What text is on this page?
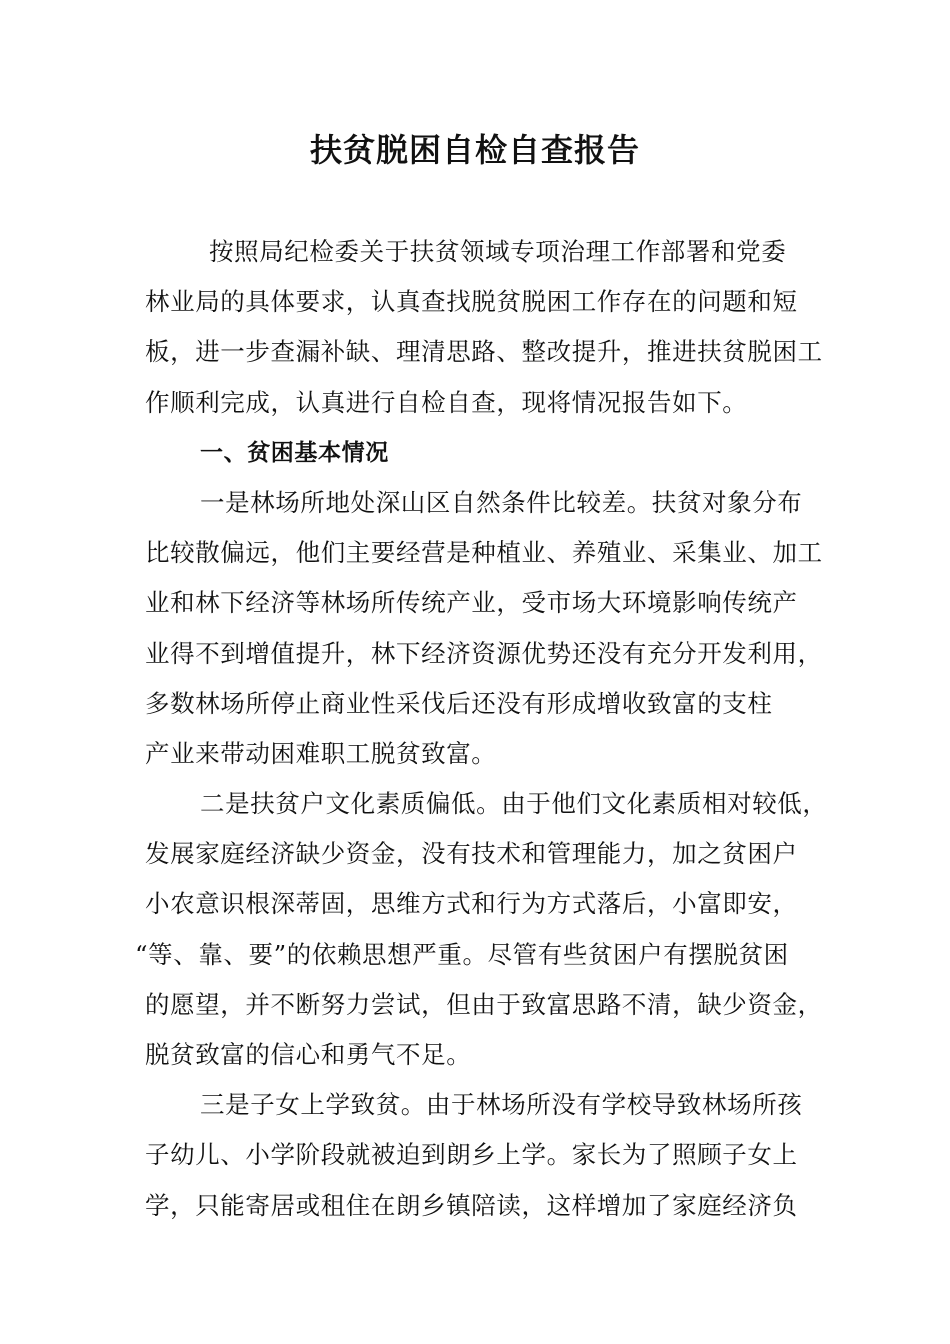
扶贫脱困自检自查报告
按照局纪检委关于扶贫领域专项治理工作部署和党委
林业局的具体要求，认真查找脱贫脱困工作存在的问题和短
板，进一步查漏补缺、理清思路、整改提升，推进扶贫脱困工
作顺利完成，认真进行自检自查，现将情况报告如下。
一、贫困基本情况
一是林场所地处深山区自然条件比较差。扶贫对象分布
比较散偏远，他们主要经营是种植业、养殖业、采集业、加工
业和林下经济等林场所传统产业，受市场大环境影响传统产
业得不到增值提升，林下经济资源优势还没有充分开发利用，
多数林场所停止商业性采伐后还没有形成增收致富的支柱
产业来带动困难职工脱贫致富。
二是扶贫户文化素质偏低。由于他们文化素质相对较低，
发展家庭经济缺少资金，没有技术和管理能力，加之贫困户
小农意识根深蒂固，思维方式和行为方式落后，小富即安，
“等、靠、要”的依赖思想严重。尽管有些贫困户有摆脱贫困
的愿望，并不断努力尝试，但由于致富思路不清，缺少资金，
脱贫致富的信心和勇气不足。
三是子女上学致贫。由于林场所没有学校导致林场所孩
子幼儿、小学阶段就被迫到朗乡上学。家长为了照顾子女上
学，只能寄居或租住在朗乡镇陪读，这样增加了家庭经济负
